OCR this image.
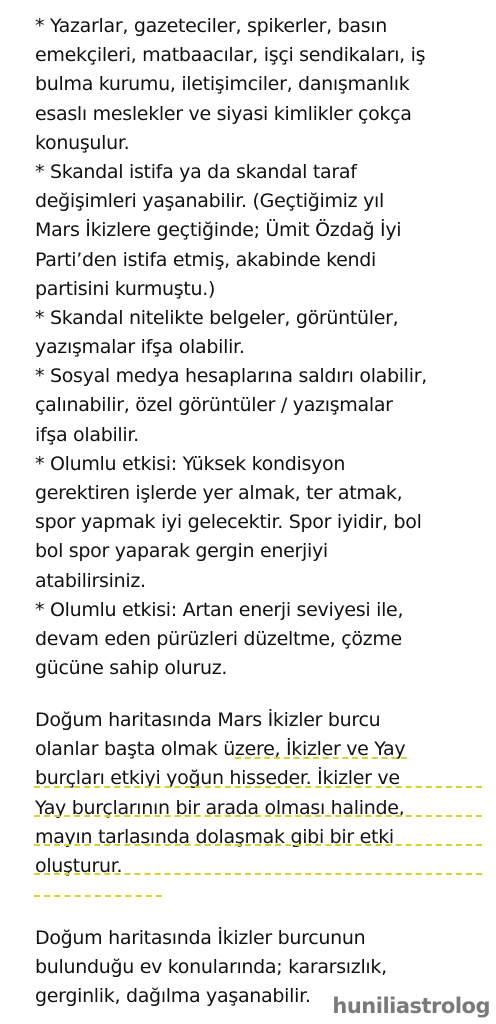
* Yazarlar, gazeteciler, spikerler, basın
emekçileri, matbaacılar, işçi sendikaları, iş
bulma kurumu, iletişimciler, danışmanlık
esaslı meslekler ve siyasi kimlikler çokça
konuşulur.
* Skandal istifa ya da skandal taraf
değişimleri yaşanabilir. (Geçtiğimiz yıl
Mars İkizlere geçtiğinde; Ümit Özdağ İyi
Parti’den istifa etmiş, akabinde kendi
partisini kurmuştu.)
* Skandal nitelikte belgeler, görüntüler,
yazışmalar ifşa olabilir.
* Sosyal medya hesaplarına saldırı olabilir,
çalınabilir, özel görüntüler / yazışmalar
ifşa olabilir.
* Olumlu etkisi: Yüksek kondisyon
gerektiren işlerde yer almak, ter atmak,
spor yapmak iyi gelecektir. Spor iyidir, bol
bol spor yaparak gergin enerjiyi
atabilirsiniz.
* Olumlu etkisi: Artan enerji seviyesi ile,
devam eden pürüzleri düzeltme, çözme
gücüne sahip oluruz.
Doğum haritasında Mars İkizler burcu
olanlar başta olmak üzere, İkizler ve Yay
burçları etkiyi yoğun hisseder. İkizler ve
Yay burçlarının bir arada olması halinde,
mayın tarlasında dolaşmak gibi bir etki
oluşturur.
Doğum haritasında İkizler burcunun
bulunduğu ev konularında; kararsızlık,
gerginlik, dağılma yaşanabilir.	huniliastrolog
